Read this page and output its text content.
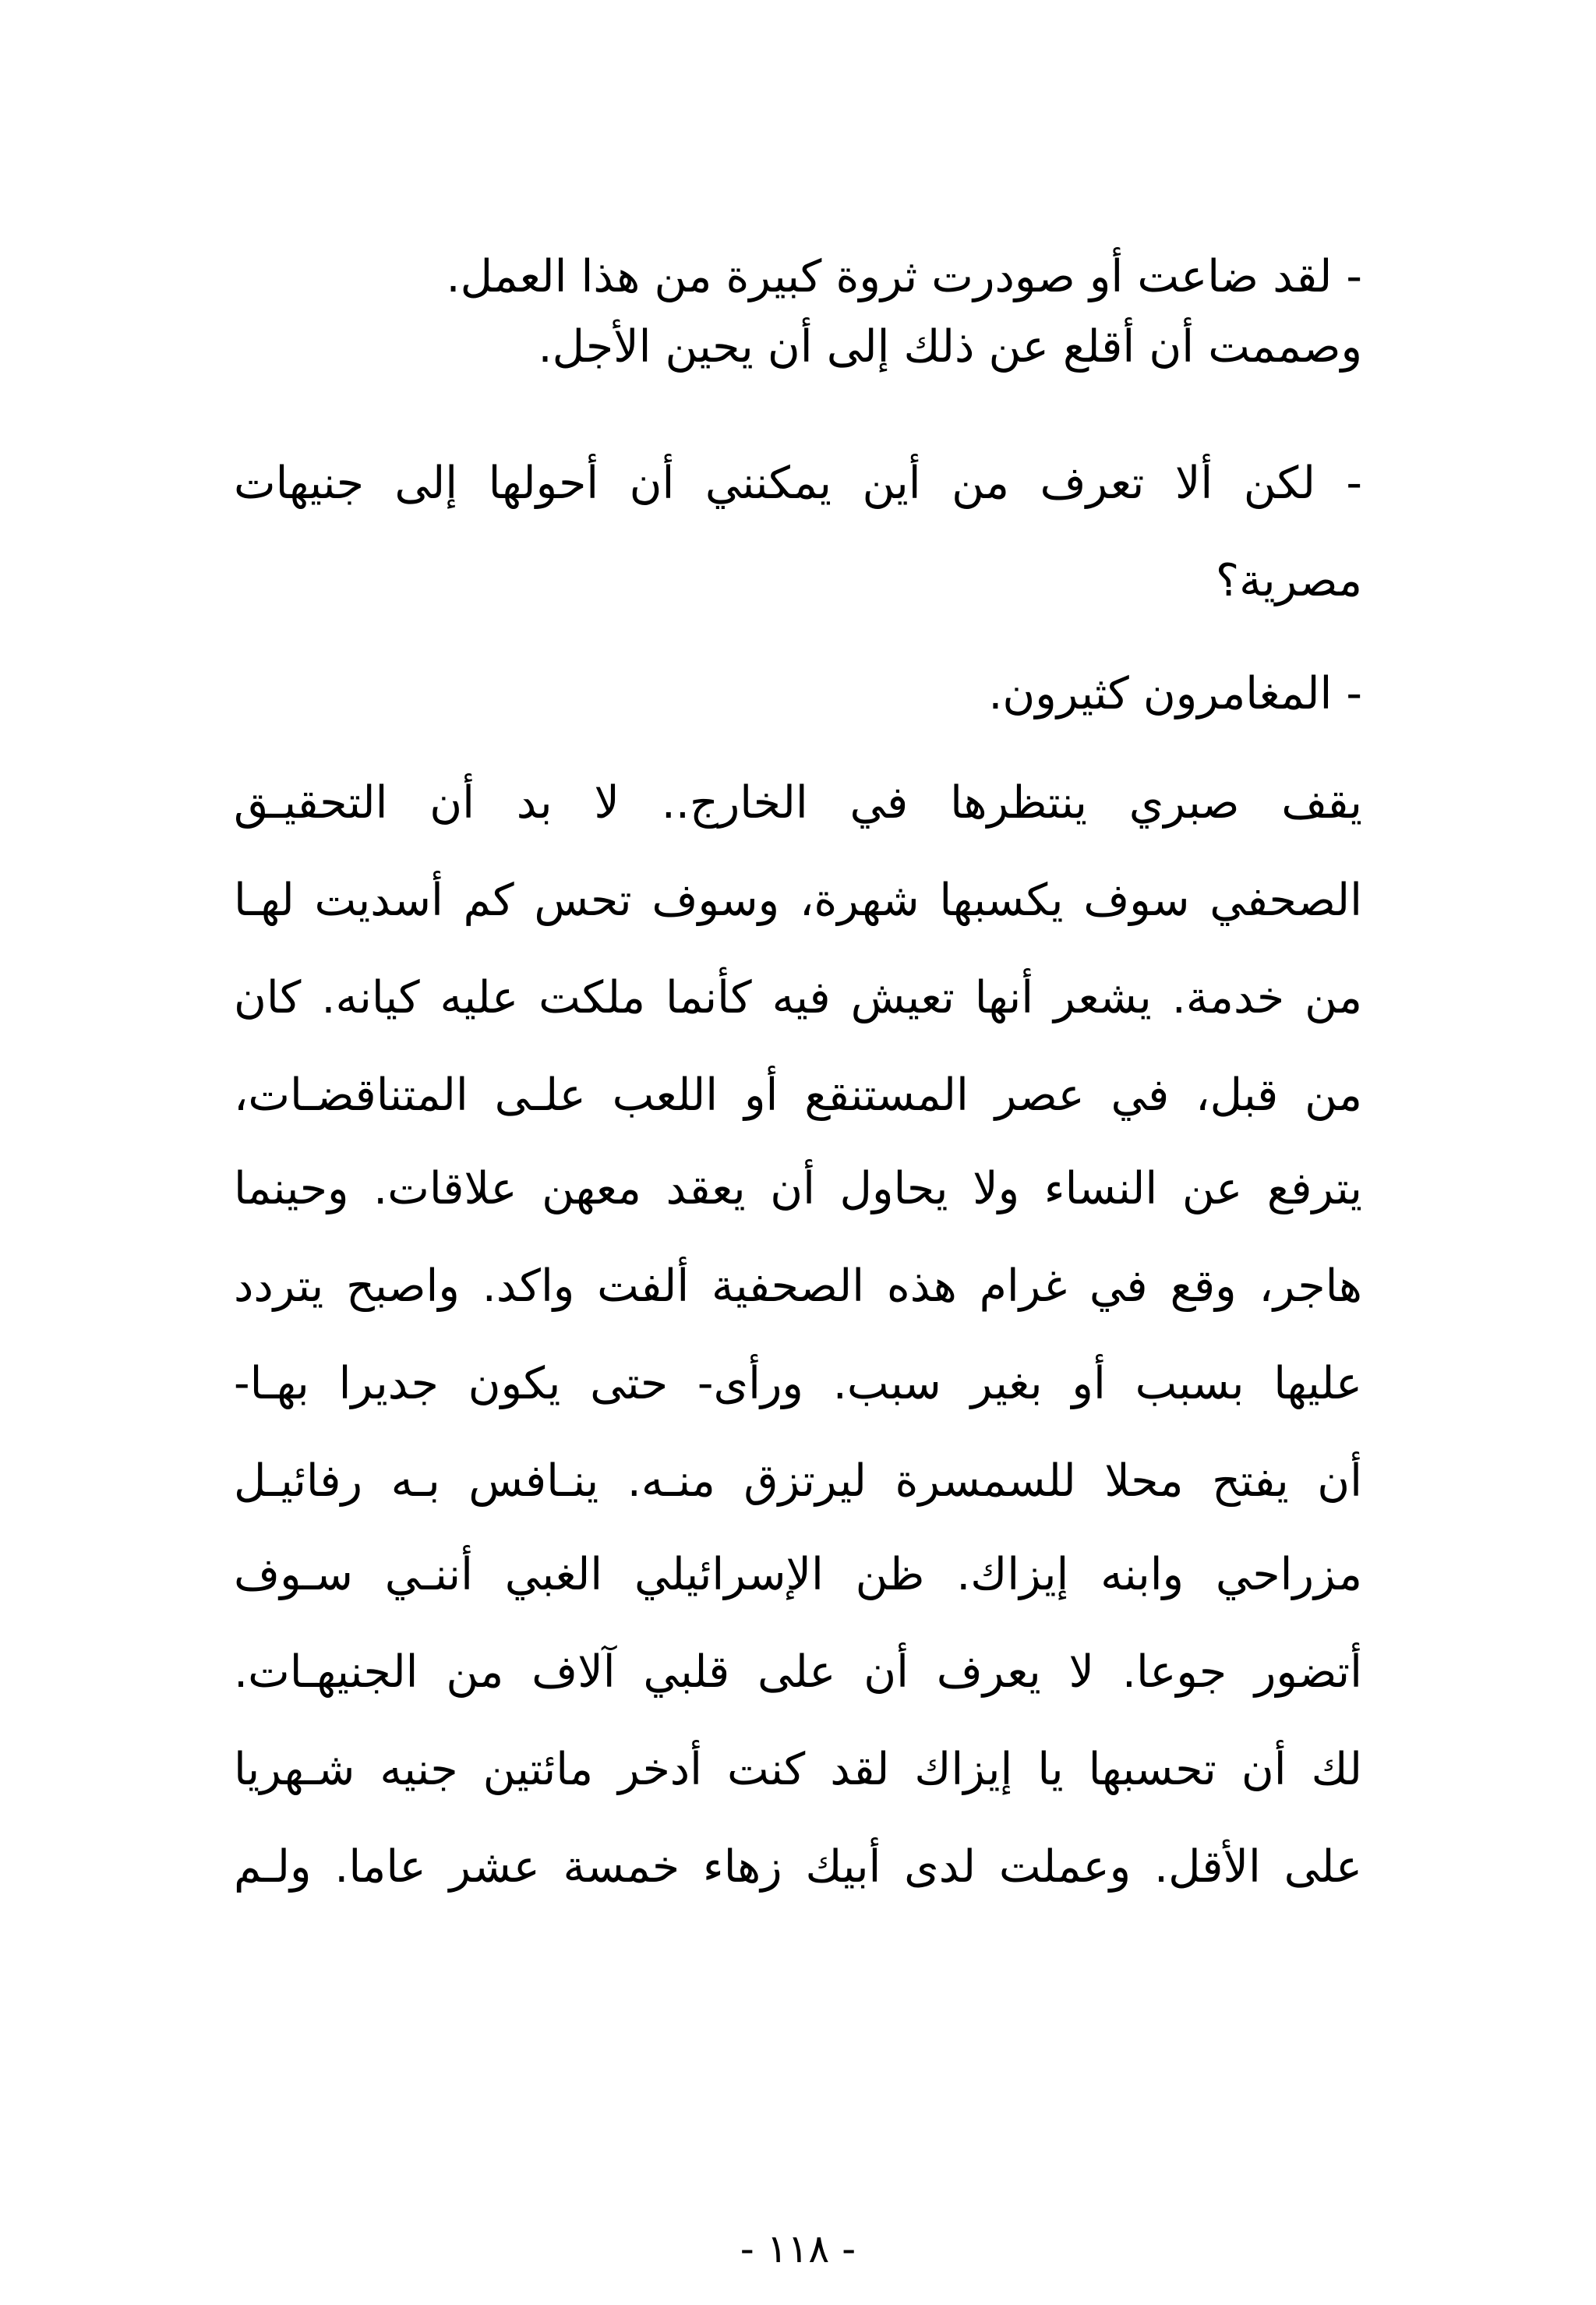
- لقد ضاعت أو صودرت ثروة كبيرة من هذا العمل.
وصممت أن أقلع عن ذلك إلى أن يحين الأجل.
- لكن ألا تعرف من أين يمكنني أن أحولها إلى جنيهات
مصرية؟
- المغامرون كثيرون.
يقف صبري ينتظرها في الخارج.. لا بد أن التحقيـق
الصحفي سوف يكسبها شهرة، وسوف تحس كم أسديت لهـا
من خدمة. يشعر أنها تعيش فيه كأنما ملكت عليه كيانه. كان
من قبل، في عصر المستنقع أو اللعب علـى المتناقضـات،
يترفع عن النساء ولا يحاول أن يعقد معهن علاقات. وحينما
هاجر، وقع في غرام هذه الصحفية ألفت واكد. واصبح يتردد
عليها بسبب أو بغير سبب. ورأى- حتى يكون جديرا بهـا-
أن يفتح محلا للسمسرة ليرتزق منـه. ينـافس بـه رفائيـل
مزراحي وابنه إيزاك. ظن الإسرائيلي الغبي أننـي سـوف
أتضور جوعا. لا يعرف أن على قلبي آلاف من الجنيهـات.
لك أن تحسبها يا إيزاك لقد كنت أدخر مائتين جنيه شـهريا
على الأقل. وعملت لدى أبيك زهاء خمسة عشر عاما. ولـم
- ١١٨ -
